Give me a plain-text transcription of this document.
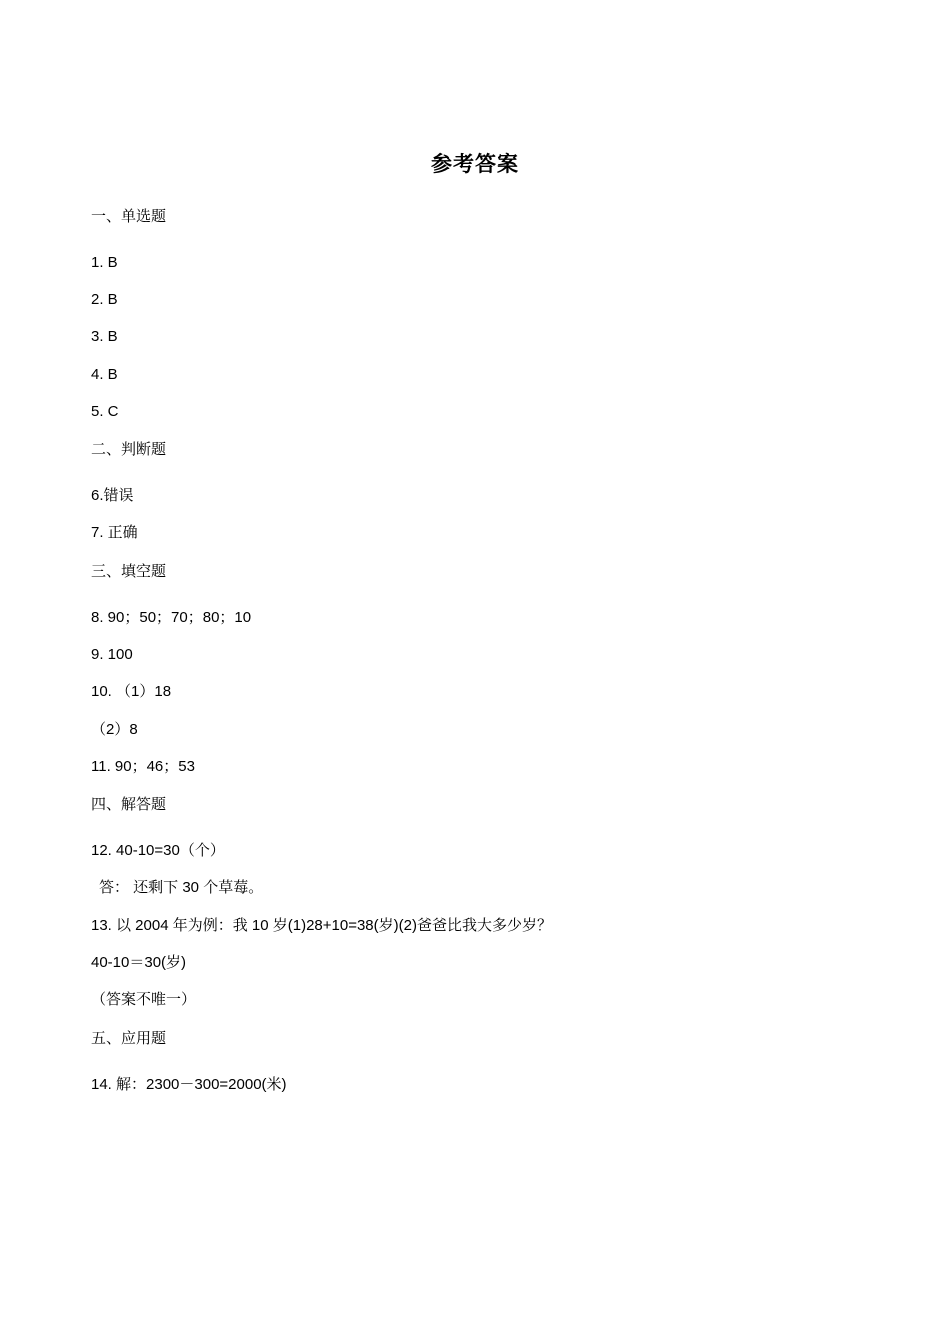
参考答案
一、单选题
1. B
2. B
3. B
4. B
5. C
二、判断题
6.错误
7. 正确
三、填空题
8. 90；50；70；80；10
9. 100
10. （1）18
（2）8
11. 90；46；53
四、解答题
12. 40-10=30（个）
答： 还剩下 30 个草莓。
13. 以 2004 年为例：我 10 岁(1)28+10=38(岁)(2)爸爸比我大多少岁？
40-10＝30(岁)
（答案不唯一）
五、应用题
14. 解：2300－300=2000(米)
